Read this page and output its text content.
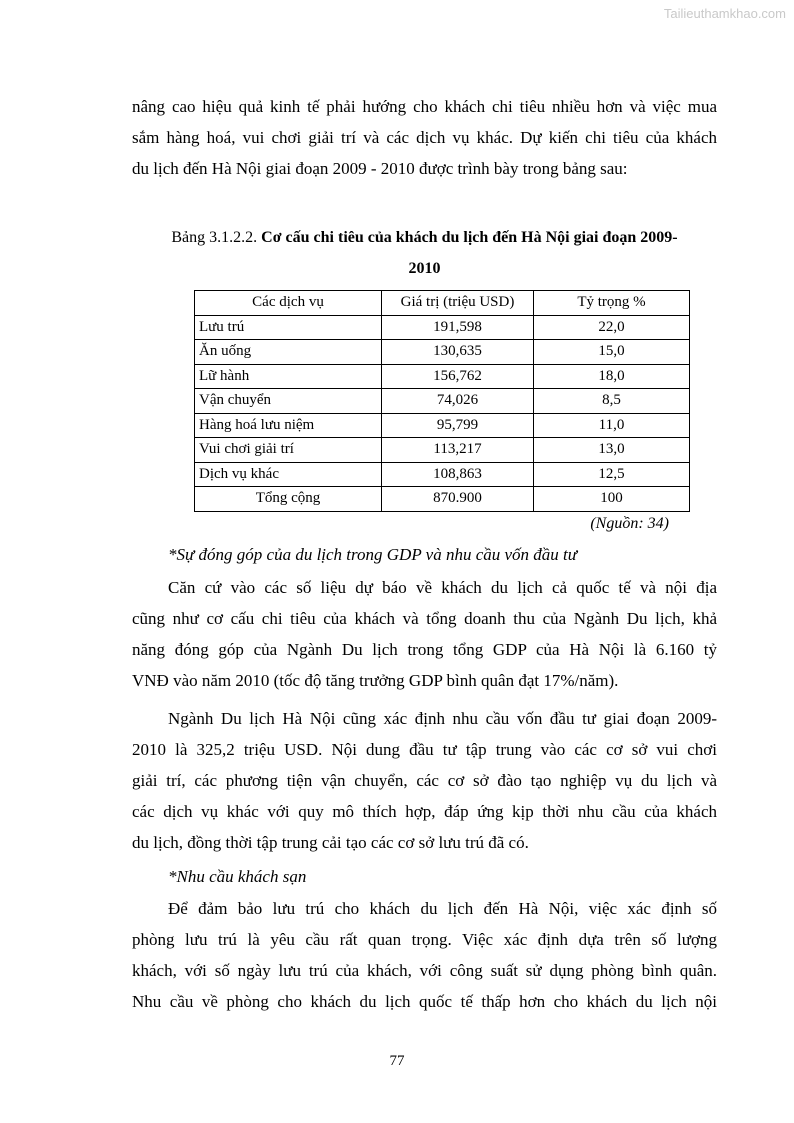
Tailieuthamkhao.com
nâng cao hiệu quả kinh tế phải hướng cho khách chi tiêu nhiều hơn và việc mua
sắm hàng hoá, vui chơi giải trí và các dịch vụ khác. Dự kiến chi tiêu của khách
du lịch đến Hà Nội giai đoạn 2009 - 2010 được trình bày trong bảng sau:
Bảng 3.1.2.2. Cơ cấu chi tiêu của khách du lịch đến Hà Nội giai đoạn 2009-
2010
Các dịch vụ	Giá trị (triệu USD)	Tỷ trọng %
Lưu trú	191,598	22,0
Ăn uống	130,635	15,0
Lữ hành	156,762	18,0
Vận chuyển	74,026	8,5
Hàng hoá lưu niệm	95,799	11,0
Vui chơi giải trí	113,217	13,0
Dịch vụ khác	108,863	12,5
Tổng cộng	870.900	100
(Nguồn: 34)
*Sự đóng góp của du lịch trong GDP và nhu cầu vốn đầu tư
Căn cứ vào các số liệu dự báo về khách du lịch cả quốc tế và nội địa
cũng như cơ cấu chi tiêu của khách và tổng doanh thu của Ngành Du lịch, khả
năng đóng góp của Ngành Du lịch trong tổng GDP của Hà Nội là 6.160 tỷ
VNĐ vào năm 2010 (tốc độ tăng trưởng GDP bình quân đạt 17%/năm).
Ngành Du lịch Hà Nội cũng xác định nhu cầu vốn đầu tư giai đoạn 2009-
2010 là 325,2 triệu USD. Nội dung đầu tư tập trung vào các cơ sở vui chơi
giải trí, các phương tiện vận chuyển, các cơ sở đào tạo nghiệp vụ du lịch và
các dịch vụ khác với quy mô thích hợp, đáp ứng kịp thời nhu cầu của khách
du lịch, đồng thời tập trung cải tạo các cơ sở lưu trú đã có.
*Nhu cầu khách sạn
Để đảm bảo lưu trú cho khách du lịch đến Hà Nội, việc xác định số
phòng lưu trú là yêu cầu rất quan trọng. Việc xác định dựa trên số lượng
khách, với số ngày lưu trú của khách, với công suất sử dụng phòng bình quân.
Nhu cầu về phòng cho khách du lịch quốc tế thấp hơn cho khách du lịch nội
77
